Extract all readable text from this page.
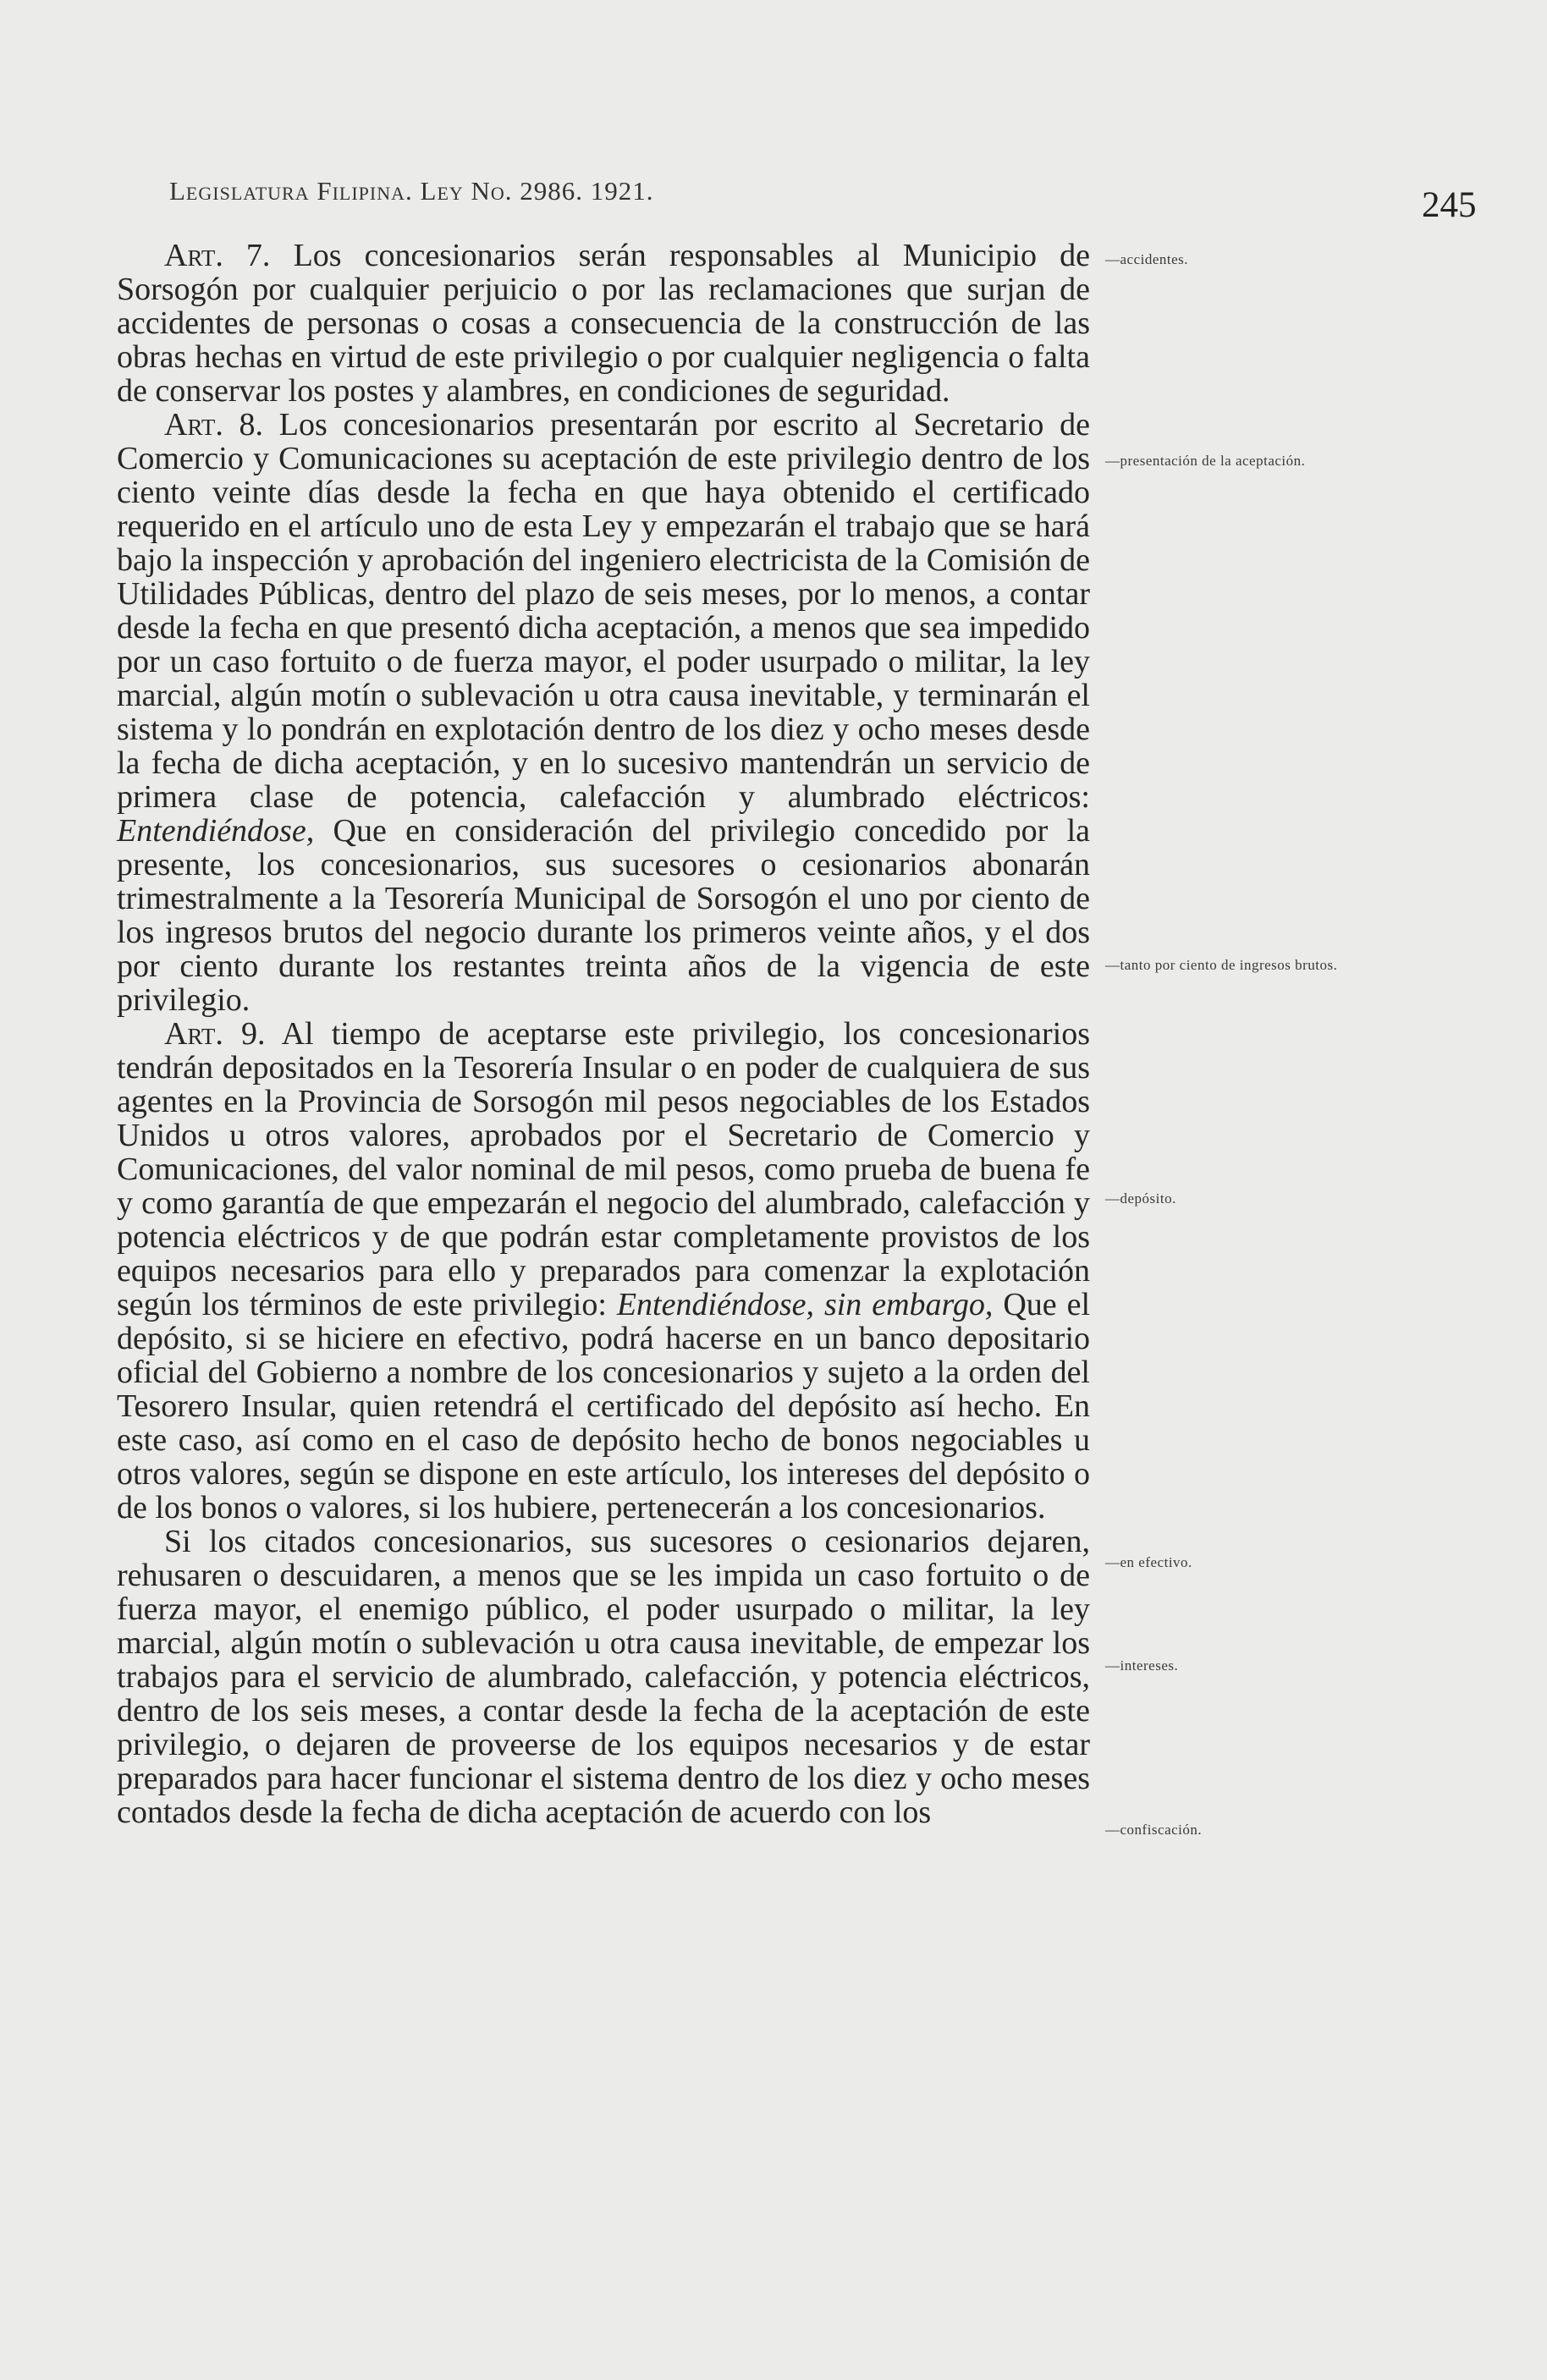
Legislatura Filipina. Ley No. 2986. 1921.	245

Art. 7. Los concesionarios serán responsables al Municipio de Sorsogón por cualquier perjuicio o por las reclamaciones que surjan de accidentes de personas o cosas a consecuencia de la construcción de las obras hechas en virtud de este privilegio o por cualquier negligencia o falta de conservar los postes y alambres, en condiciones de seguridad.

Art. 8. Los concesionarios presentarán por escrito al Secretario de Comercio y Comunicaciones su aceptación de este privilegio dentro de los ciento veinte días desde la fecha en que haya obtenido el certificado requerido en el artículo uno de esta Ley y empezarán el trabajo que se hará bajo la inspección y aprobación del ingeniero electricista de la Comisión de Utilidades Públicas, dentro del plazo de seis meses, por lo menos, a contar desde la fecha en que presentó dicha aceptación, a menos que sea impedido por un caso fortuito o de fuerza mayor, el poder usurpado o militar, la ley marcial, algún motín o sublevación u otra causa inevitable, y terminarán el sistema y lo pondrán en explotación dentro de los diez y ocho meses desde la fecha de dicha aceptación, y en lo sucesivo mantendrán un servicio de primera clase de potencia, calefacción y alumbrado eléctricos: Entendiéndose, Que en consideración del privilegio concedido por la presente, los concesionarios, sus sucesores o cesionarios abonarán trimestralmente a la Tesorería Municipal de Sorsogón el uno por ciento de los ingresos brutos del negocio durante los primeros veinte años, y el dos por ciento durante los restantes treinta años de la vigencia de este privilegio.

Art. 9. Al tiempo de aceptarse este privilegio, los concesionarios tendrán depositados en la Tesorería Insular o en poder de cualquiera de sus agentes en la Provincia de Sorsogón mil pesos negociables de los Estados Unidos u otros valores, aprobados por el Secretario de Comercio y Comunicaciones, del valor nominal de mil pesos, como prueba de buena fe y como garantía de que empezarán el negocio del alumbrado, calefacción y potencia eléctricos y de que podrán estar completamente provistos de los equipos necesarios para ello y preparados para comenzar la explotación según los términos de este privilegio: Entendiéndose, sin embargo, Que el depósito, si se hiciere en efectivo, podrá hacerse en un banco depositario oficial del Gobierno a nombre de los concesionarios y sujeto a la orden del Tesorero Insular, quien retendrá el certificado del depósito así hecho. En este caso, así como en el caso de depósito hecho de bonos negociables u otros valores, según se dispone en este artículo, los intereses del depósito o de los bonos o valores, si los hubiere, pertenecerán a los concesionarios.

Si los citados concesionarios, sus sucesores o cesionarios dejaren, rehusaren o descuidaren, a menos que se les impida un caso fortuito o de fuerza mayor, el enemigo público, el poder usurpado o militar, la ley marcial, algún motín o sublevación u otra causa inevitable, de empezar los trabajos para el servicio de alumbrado, calefacción, y potencia eléctricos, dentro de los seis meses, a contar desde la fecha de la aceptación de este privilegio, o dejaren de proveerse de los equipos necesarios y de estar preparados para hacer funcionar el sistema dentro de los diez y ocho meses contados desde la fecha de dicha aceptación de acuerdo con los

—accidentes.
—presentación de la aceptación.
—tanto por ciento de ingresos brutos.
—depósito.
—en efectivo.
—intereses.
—confiscación.
